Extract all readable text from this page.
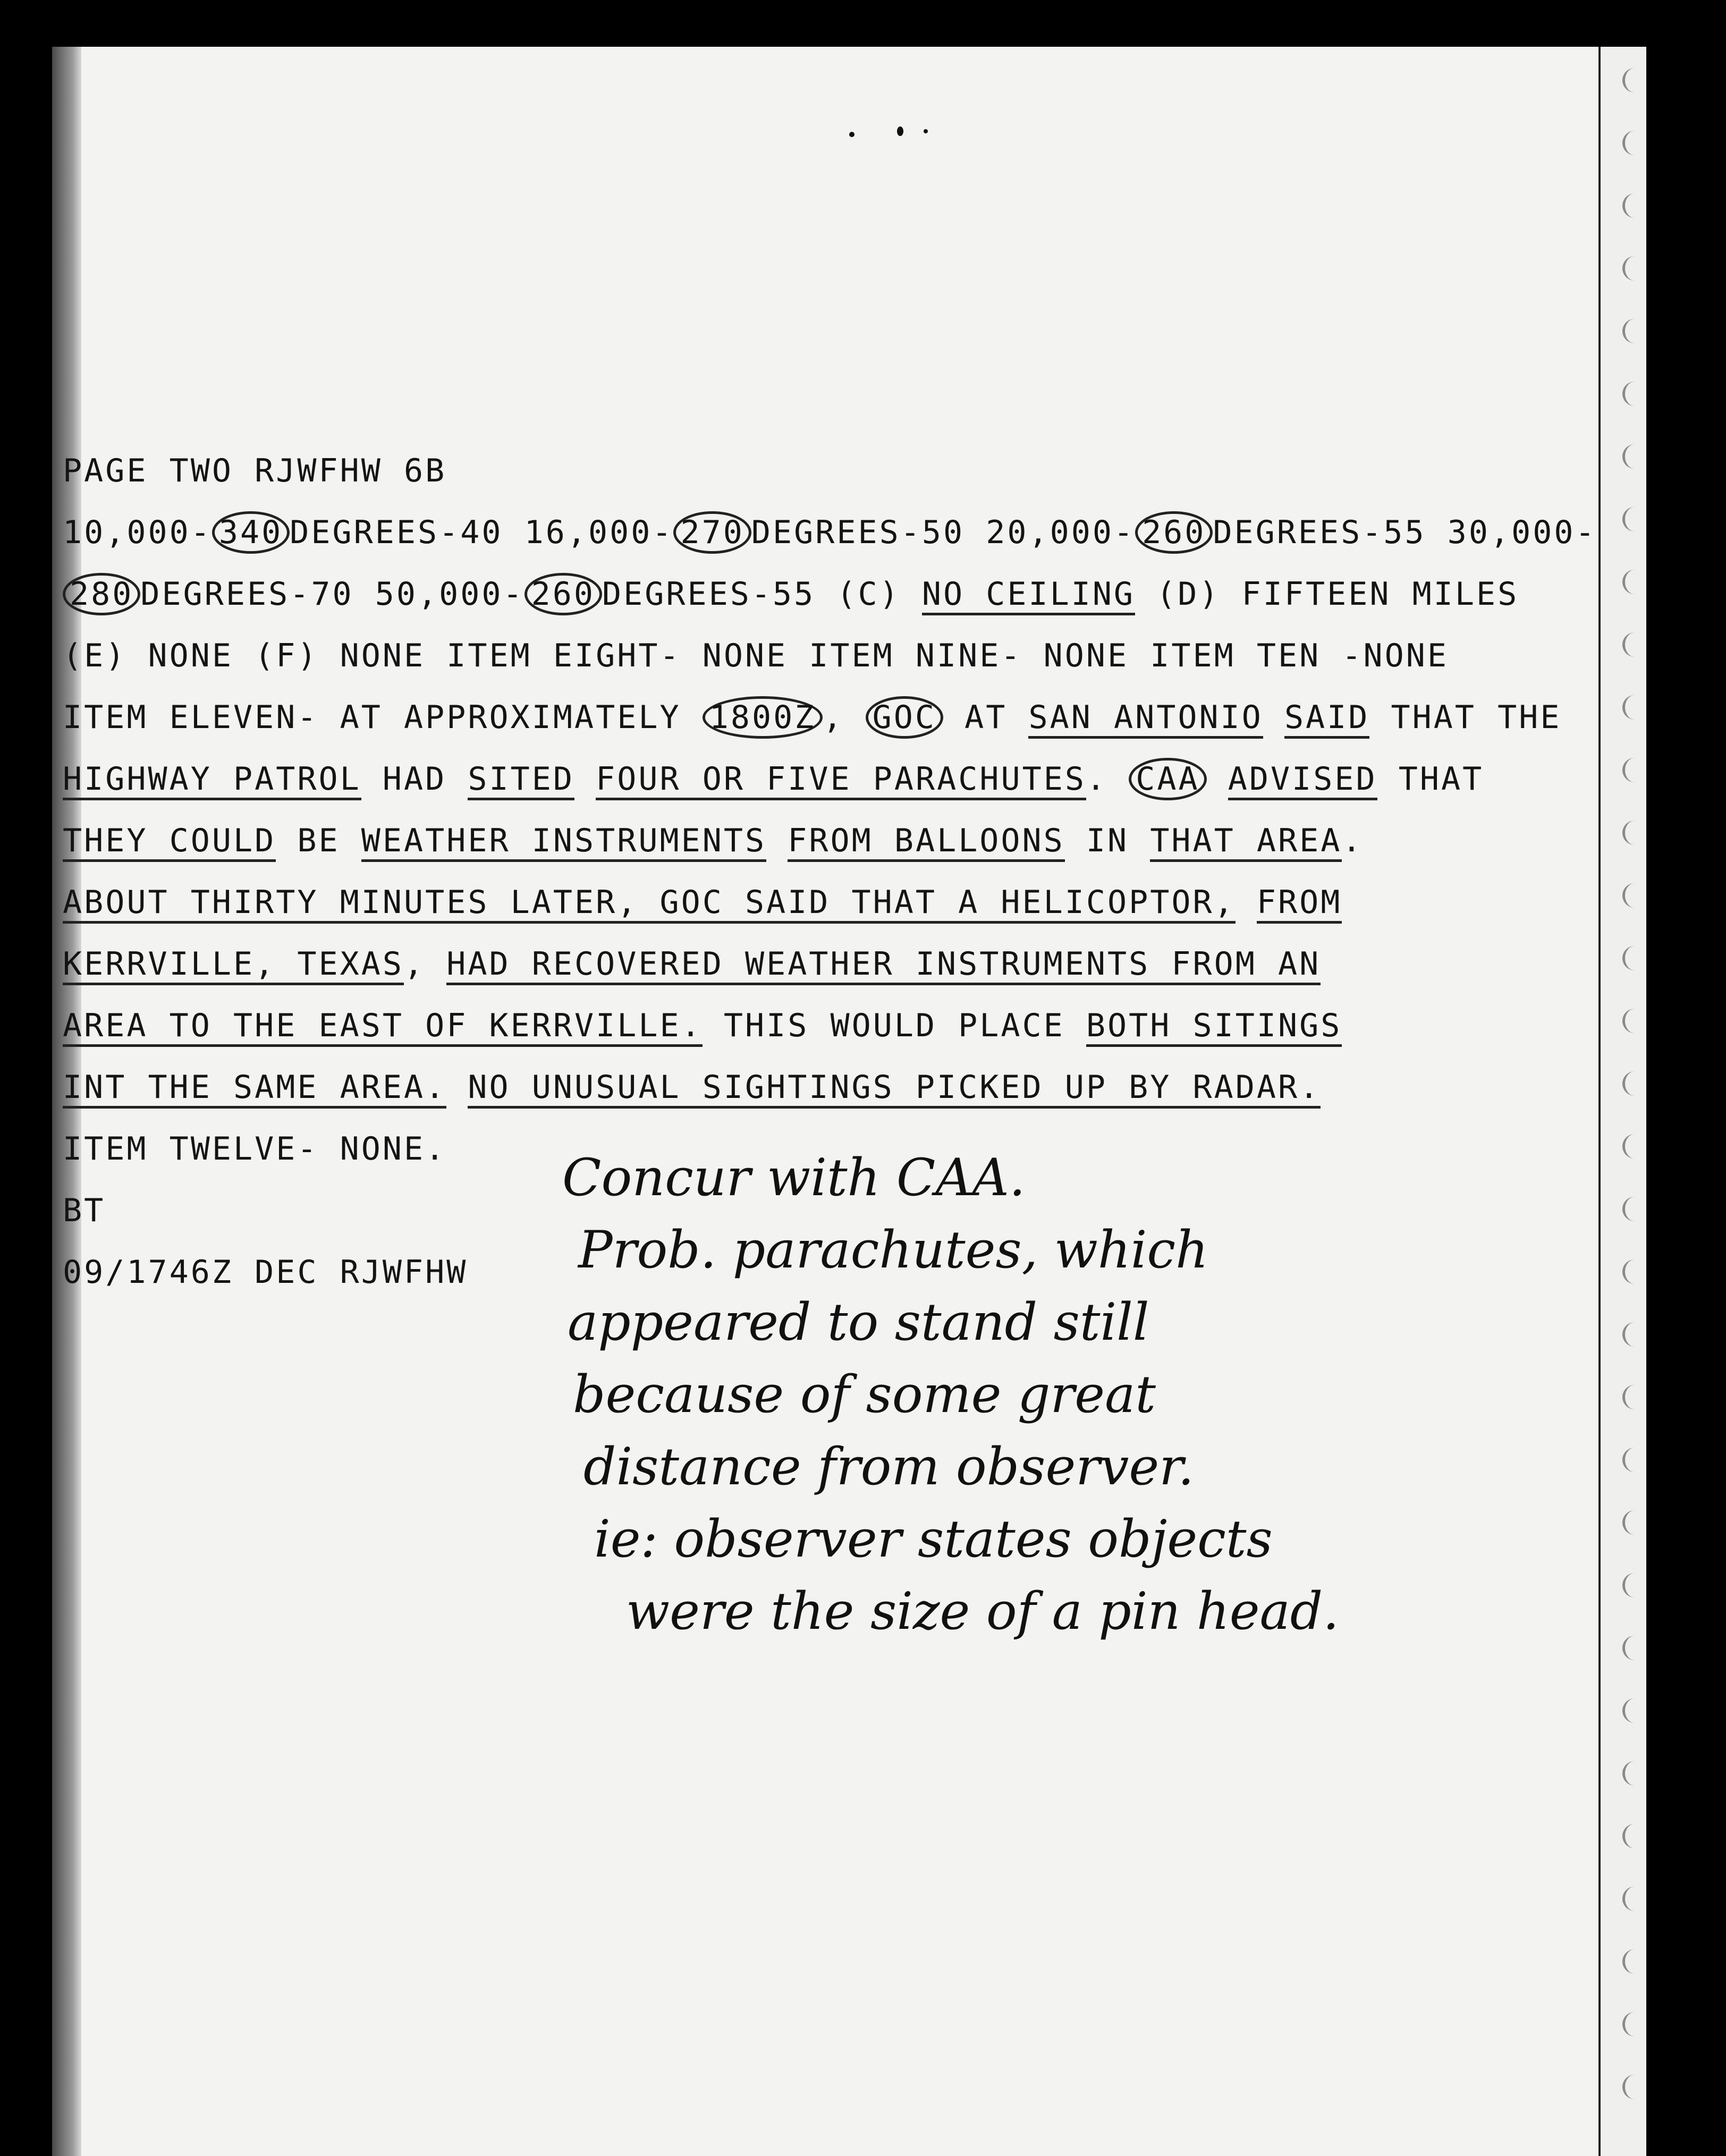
PAGE TWO RJWFHW 6B
10,000- 340 DEGREES-40 16,000- 270 DEGREES-50 20,000- 260 DEGREES-55 30,000-
280 DEGREES-70 50,000- 260 DEGREES-55 (C) NO CEILING (D) FIFTEEN MILES
(E) NONE (F) NONE ITEM EIGHT- NONE ITEM NINE- NONE ITEM TEN -NONE
ITEM ELEVEN- AT APPROXIMATELY 1800Z , GOC AT SAN ANTONIO SAID THAT THE
HIGHWAY PATROL HAD SITED FOUR OR FIVE PARACHUTES. CAA ADVISED THAT
THEY COULD BE WEATHER INSTRUMENTS FROM BALLOONS IN THAT AREA.
ABOUT THIRTY MINUTES LATER, GOC SAID THAT A HELICOPTOR, FROM
KERRVILLE, TEXAS, HAD RECOVERED WEATHER INSTRUMENTS FROM AN
AREA TO THE EAST OF KERRVILLE. THIS WOULD PLACE BOTH SITINGS
INT THE SAME AREA. NO UNUSUAL SIGHTINGS PICKED UP BY RADAR.
ITEM TWELVE- NONE.
BT
09/1746Z DEC RJWFHW
Concur with CAA.
Prob. parachutes, which
appeared to stand still
because of some great
distance from observer.
ie: observer states objects
were the size of a pin head.
